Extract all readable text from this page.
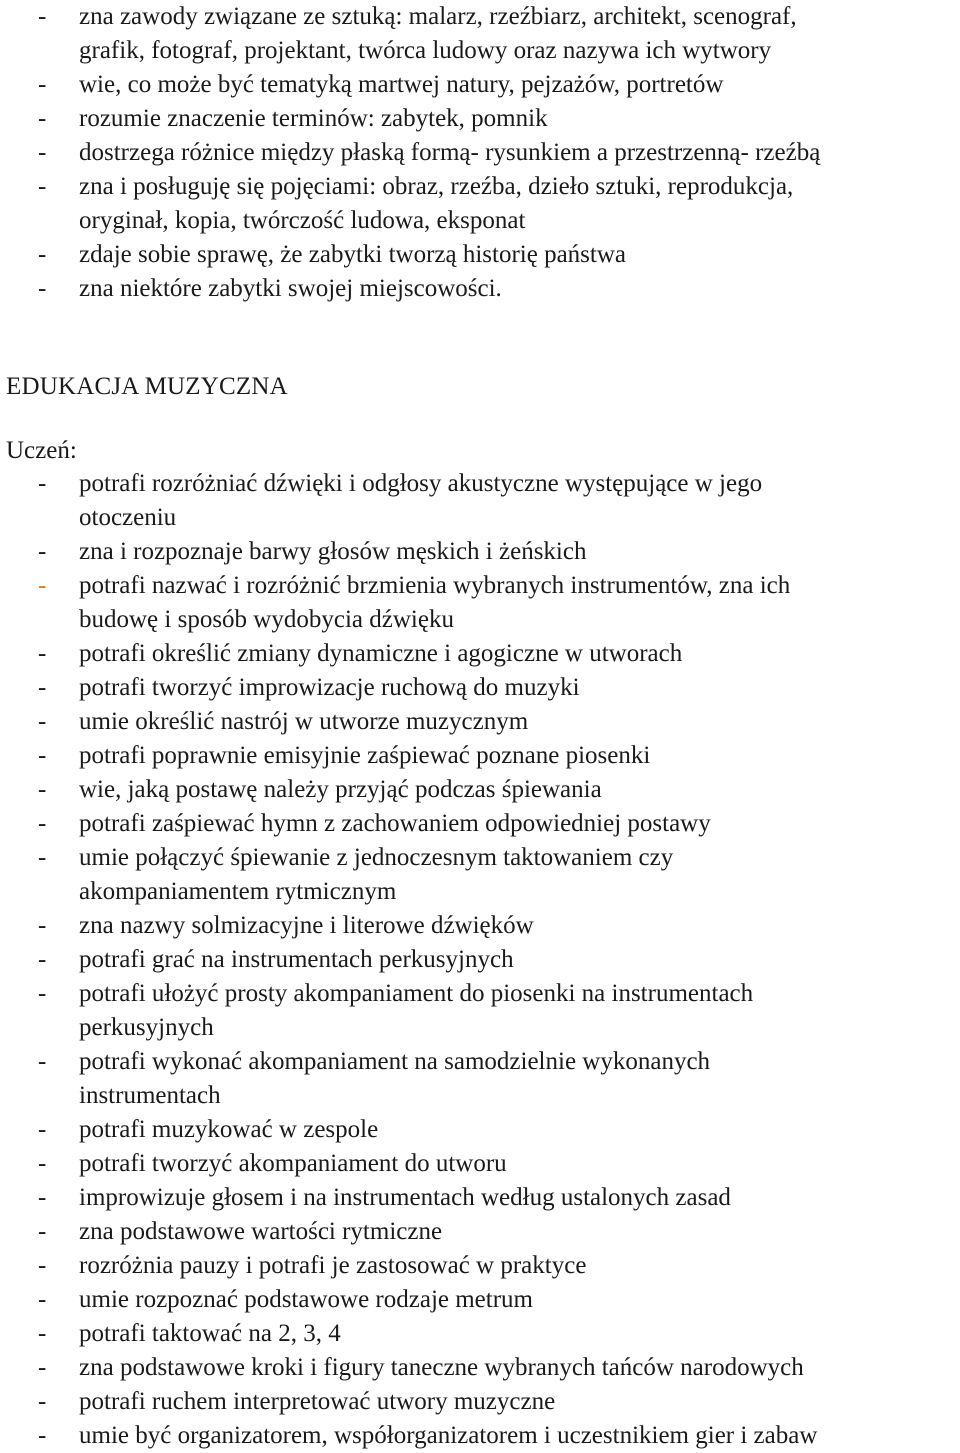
- zna zawody związane ze sztuką: malarz, rzeźbiarz, architekt, scenograf,
grafik, fotograf, projektant, twórca ludowy oraz nazywa ich wytwory
- wie, co może być tematyką martwej natury, pejzażów, portretów
- rozumie znaczenie terminów: zabytek, pomnik
- dostrzega różnice między płaską formą- rysunkiem a przestrzenną- rzeźbą
- zna i posługuję się pojęciami: obraz, rzeźba, dzieło sztuki, reprodukcja,
oryginał, kopia, twórczość ludowa, eksponat
- zdaje sobie sprawę, że zabytki tworzą historię państwa
- zna niektóre zabytki swojej miejscowości.
EDUKACJA MUZYCZNA

Uczeń:

- potrafi rozróżniać dźwięki i odgłosy akustyczne występujące w jego
otoczeniu
- zna i rozpoznaje barwy głosów męskich i żeńskich
- potrafi nazwać i rozróżnić brzmienia wybranych instrumentów, zna ich
budowę i sposób wydobycia dźwięku
- potrafi określić zmiany dynamiczne i agogiczne w utworach
- potrafi tworzyć improwizacje ruchową do muzyki
- umie określić nastrój w utworze muzycznym
- potrafi poprawnie emisyjnie zaśpiewać poznane piosenki
- wie, jaką postawę należy przyjąć podczas śpiewania
- potrafi zaśpiewać hymn z zachowaniem odpowiedniej postawy
- umie połączyć śpiewanie z jednoczesnym taktowaniem czy
akompaniamentem rytmicznym
- zna nazwy solmizacyjne i literowe dźwięków
- potrafi grać na instrumentach perkusyjnych
- potrafi ułożyć prosty akompaniament do piosenki na instrumentach
perkusyjnych
- potrafi wykonać akompaniament na samodzielnie wykonanych
instrumentach
- potrafi muzykować w zespole
- potrafi tworzyć akompaniament do utworu
- improwizuje głosem i na instrumentach według ustalonych zasad
- zna podstawowe wartości rytmiczne
- rozróżnia pauzy i potrafi je zastosować w praktyce
- umie rozpoznać podstawowe rodzaje metrum
- potrafi taktować na 2, 3, 4
- zna podstawowe kroki i figury taneczne wybranych tańców narodowych
- potrafi ruchem interpretować utwory muzyczne
- umie być organizatorem, współorganizatorem i uczestnikiem gier i zabaw
